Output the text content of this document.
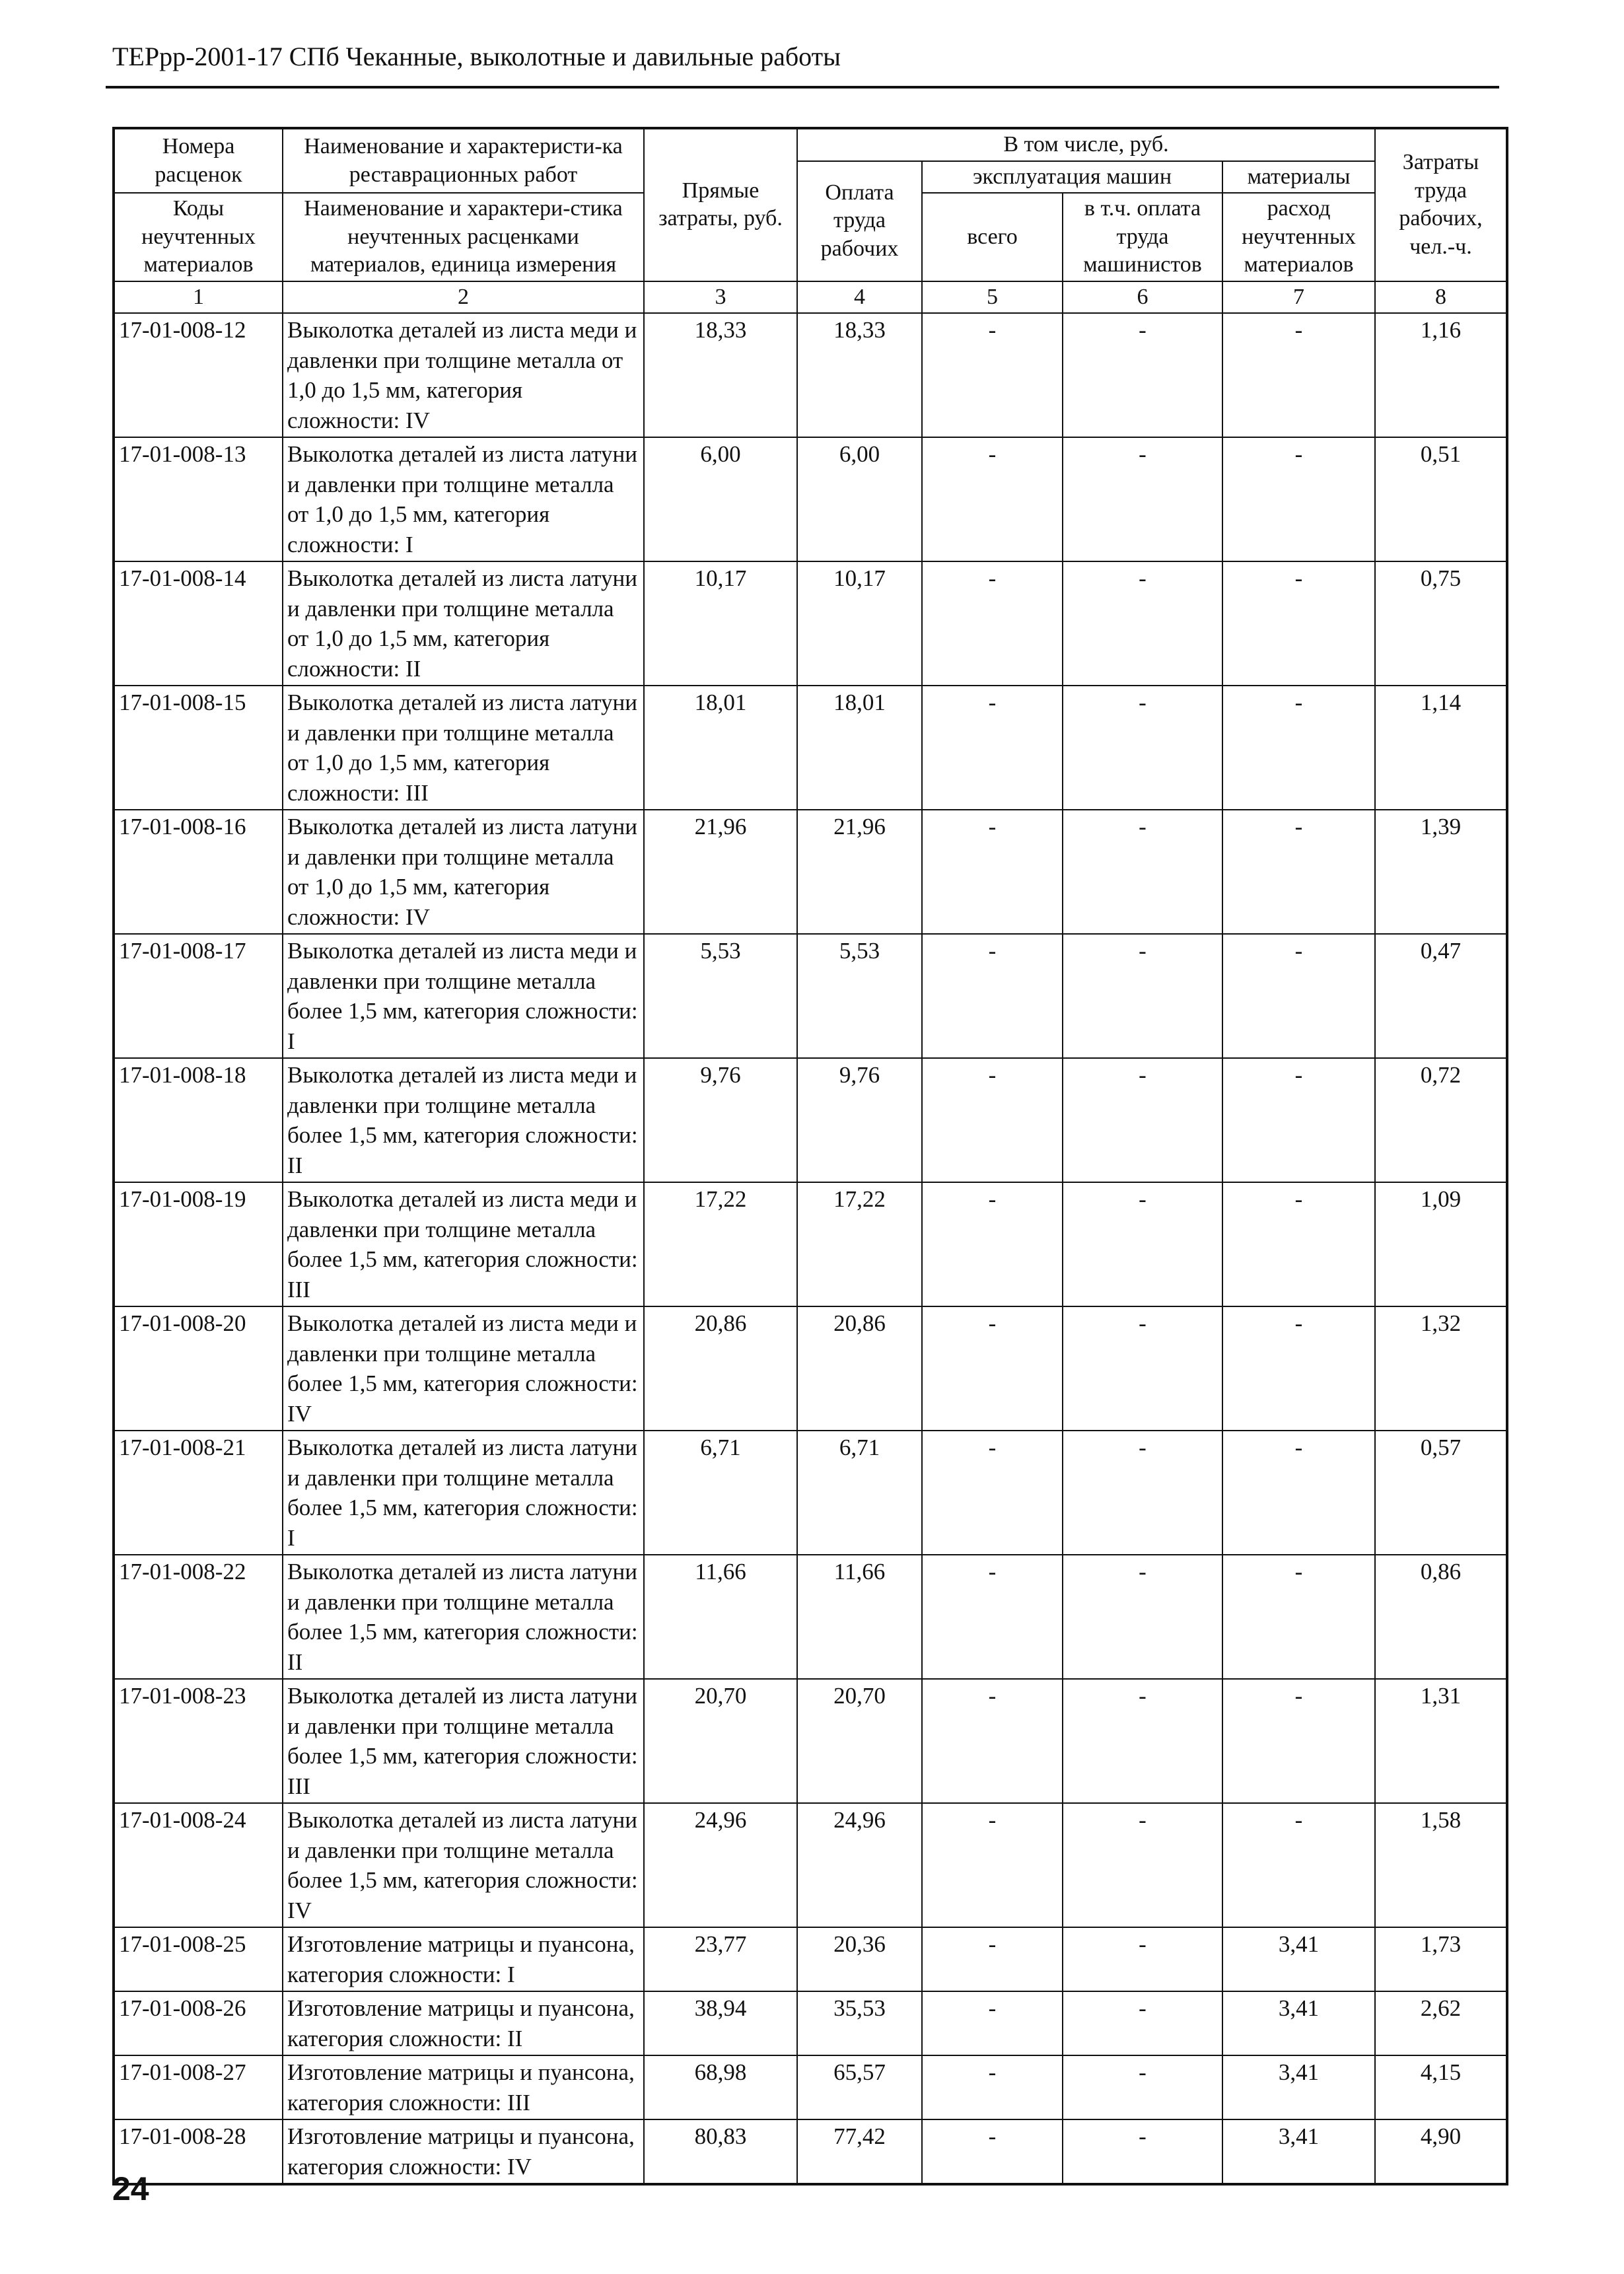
ТЕРрр-2001-17 СПб Чеканные, выколотные и давильные работы
Номера расценок	Наименование и характеристи-ка реставрационных работ	Прямые затраты, руб.	В том числе, руб.				Затраты труда рабочих, чел.-ч.
			Оплата труда рабочих	эксплуатация машин		материалы	
Коды неучтенных материалов	Наименование и характери-стика неучтенных расценками материалов, единица измерения			всего	в т.ч. оплата труда машинистов	расход неучтенных материалов	

1	2	3	4	5	6	7	8
17-01-008-12	Выколотка деталей из листа меди и давленки при толщине металла от 1,0 до 1,5 мм, категория сложности: IV	18,33	18,33	-	-	-	1,16
17-01-008-13	Выколотка деталей из листа латуни и давленки при толщине металла от 1,0 до 1,5 мм, категория сложности: I	6,00	6,00	-	-	-	0,51
17-01-008-14	Выколотка деталей из листа латуни и давленки при толщине металла от 1,0 до 1,5 мм, категория сложности: II	10,17	10,17	-	-	-	0,75
17-01-008-15	Выколотка деталей из листа латуни и давленки при толщине металла от 1,0 до 1,5 мм, категория сложности: III	18,01	18,01	-	-	-	1,14
17-01-008-16	Выколотка деталей из листа латуни и давленки при толщине металла от 1,0 до 1,5 мм, категория сложности: IV	21,96	21,96	-	-	-	1,39
17-01-008-17	Выколотка деталей из листа меди и давленки при толщине металла более 1,5 мм, категория сложности: I	5,53	5,53	-	-	-	0,47
17-01-008-18	Выколотка деталей из листа меди и давленки при толщине металла более 1,5 мм, категория сложности: II	9,76	9,76	-	-	-	0,72
17-01-008-19	Выколотка деталей из листа меди и давленки при толщине металла более 1,5 мм, категория сложности: III	17,22	17,22	-	-	-	1,09
17-01-008-20	Выколотка деталей из листа меди и давленки при толщине металла более 1,5 мм, категория сложности: IV	20,86	20,86	-	-	-	1,32
17-01-008-21	Выколотка деталей из листа латуни и давленки при толщине металла более 1,5 мм, категория сложности: I	6,71	6,71	-	-	-	0,57
17-01-008-22	Выколотка деталей из листа латуни и давленки при толщине металла более 1,5 мм, категория сложности: II	11,66	11,66	-	-	-	0,86
17-01-008-23	Выколотка деталей из листа латуни и давленки при толщине металла более 1,5 мм, категория сложности: III	20,70	20,70	-	-	-	1,31
17-01-008-24	Выколотка деталей из листа латуни и давленки при толщине металла более 1,5 мм, категория сложности: IV	24,96	24,96	-	-	-	1,58
17-01-008-25	Изготовление матрицы и пуансона, категория сложности: I	23,77	20,36	-	-	3,41	1,73
17-01-008-26	Изготовление матрицы и пуансона, категория сложности: II	38,94	35,53	-	-	3,41	2,62
17-01-008-27	Изготовление матрицы и пуансона, категория сложности: III	68,98	65,57	-	-	3,41	4,15
17-01-008-28	Изготовление матрицы и пуансона, категория сложности: IV	80,83	77,42	-	-	3,41	4,90
24
